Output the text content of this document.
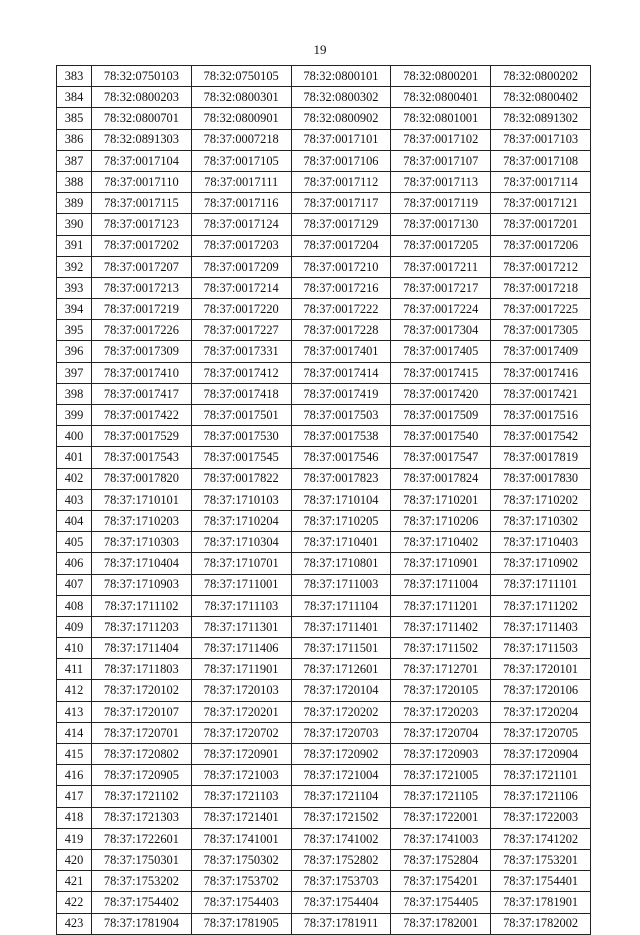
19
383	78:32:0750103	78:32:0750105	78:32:0800101	78:32:0800201	78:32:0800202
384	78:32:0800203	78:32:0800301	78:32:0800302	78:32:0800401	78:32:0800402
385	78:32:0800701	78:32:0800901	78:32:0800902	78:32:0801001	78:32:0891302
386	78:32:0891303	78:37:0007218	78:37:0017101	78:37:0017102	78:37:0017103
387	78:37:0017104	78:37:0017105	78:37:0017106	78:37:0017107	78:37:0017108
388	78:37:0017110	78:37:0017111	78:37:0017112	78:37:0017113	78:37:0017114
389	78:37:0017115	78:37:0017116	78:37:0017117	78:37:0017119	78:37:0017121
390	78:37:0017123	78:37:0017124	78:37:0017129	78:37:0017130	78:37:0017201
391	78:37:0017202	78:37:0017203	78:37:0017204	78:37:0017205	78:37:0017206
392	78:37:0017207	78:37:0017209	78:37:0017210	78:37:0017211	78:37:0017212
393	78:37:0017213	78:37:0017214	78:37:0017216	78:37:0017217	78:37:0017218
394	78:37:0017219	78:37:0017220	78:37:0017222	78:37:0017224	78:37:0017225
395	78:37:0017226	78:37:0017227	78:37:0017228	78:37:0017304	78:37:0017305
396	78:37:0017309	78:37:0017331	78:37:0017401	78:37:0017405	78:37:0017409
397	78:37:0017410	78:37:0017412	78:37:0017414	78:37:0017415	78:37:0017416
398	78:37:0017417	78:37:0017418	78:37:0017419	78:37:0017420	78:37:0017421
399	78:37:0017422	78:37:0017501	78:37:0017503	78:37:0017509	78:37:0017516
400	78:37:0017529	78:37:0017530	78:37:0017538	78:37:0017540	78:37:0017542
401	78:37:0017543	78:37:0017545	78:37:0017546	78:37:0017547	78:37:0017819
402	78:37:0017820	78:37:0017822	78:37:0017823	78:37:0017824	78:37:0017830
403	78:37:1710101	78:37:1710103	78:37:1710104	78:37:1710201	78:37:1710202
404	78:37:1710203	78:37:1710204	78:37:1710205	78:37:1710206	78:37:1710302
405	78:37:1710303	78:37:1710304	78:37:1710401	78:37:1710402	78:37:1710403
406	78:37:1710404	78:37:1710701	78:37:1710801	78:37:1710901	78:37:1710902
407	78:37:1710903	78:37:1711001	78:37:1711003	78:37:1711004	78:37:1711101
408	78:37:1711102	78:37:1711103	78:37:1711104	78:37:1711201	78:37:1711202
409	78:37:1711203	78:37:1711301	78:37:1711401	78:37:1711402	78:37:1711403
410	78:37:1711404	78:37:1711406	78:37:1711501	78:37:1711502	78:37:1711503
411	78:37:1711803	78:37:1711901	78:37:1712601	78:37:1712701	78:37:1720101
412	78:37:1720102	78:37:1720103	78:37:1720104	78:37:1720105	78:37:1720106
413	78:37:1720107	78:37:1720201	78:37:1720202	78:37:1720203	78:37:1720204
414	78:37:1720701	78:37:1720702	78:37:1720703	78:37:1720704	78:37:1720705
415	78:37:1720802	78:37:1720901	78:37:1720902	78:37:1720903	78:37:1720904
416	78:37:1720905	78:37:1721003	78:37:1721004	78:37:1721005	78:37:1721101
417	78:37:1721102	78:37:1721103	78:37:1721104	78:37:1721105	78:37:1721106
418	78:37:1721303	78:37:1721401	78:37:1721502	78:37:1722001	78:37:1722003
419	78:37:1722601	78:37:1741001	78:37:1741002	78:37:1741003	78:37:1741202
420	78:37:1750301	78:37:1750302	78:37:1752802	78:37:1752804	78:37:1753201
421	78:37:1753202	78:37:1753702	78:37:1753703	78:37:1754201	78:37:1754401
422	78:37:1754402	78:37:1754403	78:37:1754404	78:37:1754405	78:37:1781901
423	78:37:1781904	78:37:1781905	78:37:1781911	78:37:1782001	78:37:1782002
